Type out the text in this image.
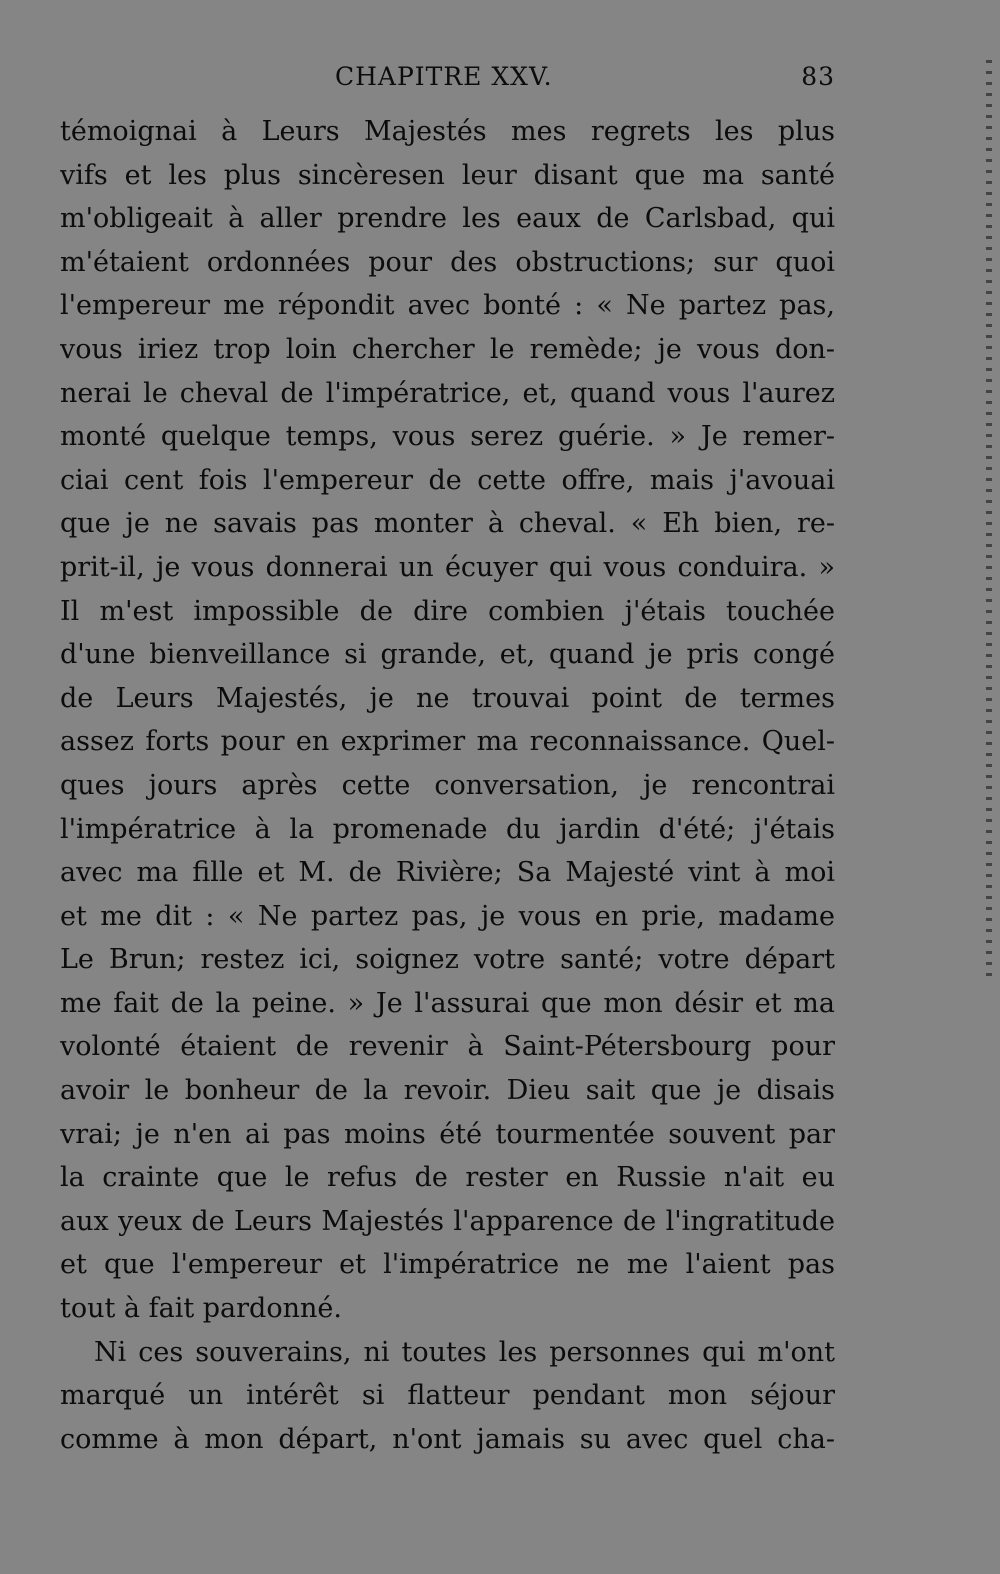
CHAPITRE XXV.	83
témoignai à Leurs Majestés mes regrets les plus
vifs et les plus sincèresen leur disant que ma santé
m'obligeait à aller prendre les eaux de Carlsbad, qui
m'étaient ordonnées pour des obstructions; sur quoi
l'empereur me répondit avec bonté : « Ne partez pas,
vous iriez trop loin chercher le remède; je vous don-
nerai le cheval de l'impératrice, et, quand vous l'aurez
monté quelque temps, vous serez guérie. » Je remer-
ciai cent fois l'empereur de cette offre, mais j'avouai
que je ne savais pas monter à cheval. « Eh bien, re-
prit-il, je vous donnerai un écuyer qui vous conduira. »
Il m'est impossible de dire combien j'étais touchée
d'une bienveillance si grande, et, quand je pris congé
de Leurs Majestés, je ne trouvai point de termes
assez forts pour en exprimer ma reconnaissance. Quel-
ques jours après cette conversation, je rencontrai
l'impératrice à la promenade du jardin d'été; j'étais
avec ma fille et M. de Rivière; Sa Majesté vint à moi
et me dit : « Ne partez pas, je vous en prie, madame
Le Brun; restez ici, soignez votre santé; votre départ
me fait de la peine. » Je l'assurai que mon désir et ma
volonté étaient de revenir à Saint-Pétersbourg pour
avoir le bonheur de la revoir. Dieu sait que je disais
vrai; je n'en ai pas moins été tourmentée souvent par
la crainte que le refus de rester en Russie n'ait eu
aux yeux de Leurs Majestés l'apparence de l'ingratitude
et que l'empereur et l'impératrice ne me l'aient pas
tout à fait pardonné.
Ni ces souverains, ni toutes les personnes qui m'ont
marqué un intérêt si flatteur pendant mon séjour
comme à mon départ, n'ont jamais su avec quel cha-
